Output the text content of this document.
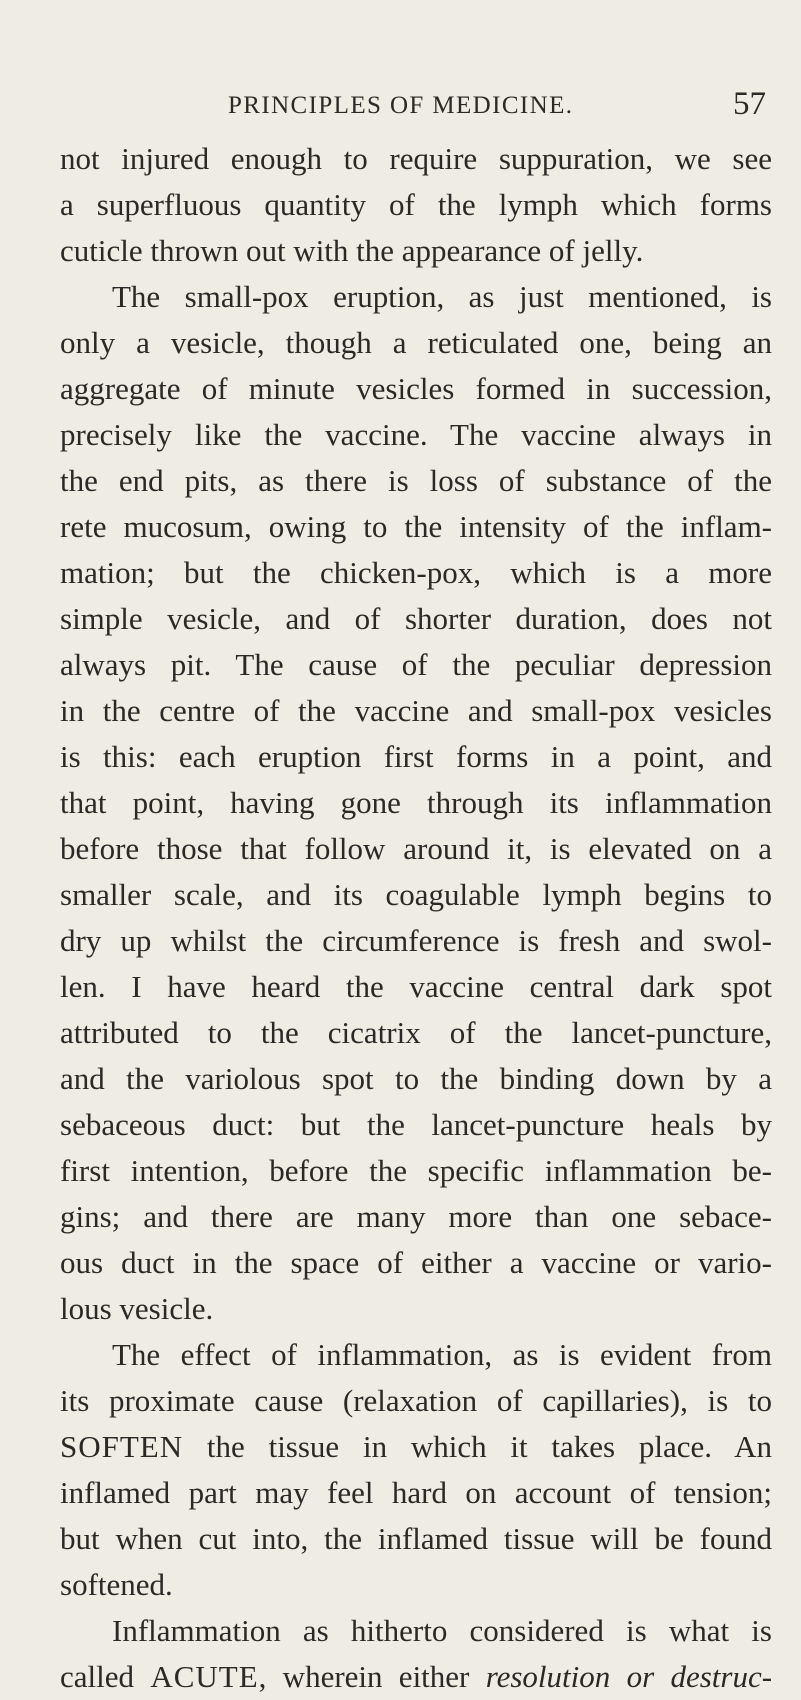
PRINCIPLES OF MEDICINE.	57
not injured enough to require suppuration, we see
a superfluous quantity of the lymph which forms
cuticle thrown out with the appearance of jelly.
The small-pox eruption, as just mentioned, is
only a vesicle, though a reticulated one, being an
aggregate of minute vesicles formed in succession,
precisely like the vaccine. The vaccine always in
the end pits, as there is loss of substance of the
rete mucosum, owing to the intensity of the inflam-
mation; but the chicken-pox, which is a more
simple vesicle, and of shorter duration, does not
always pit. The cause of the peculiar depression
in the centre of the vaccine and small-pox vesicles
is this: each eruption first forms in a point, and
that point, having gone through its inflammation
before those that follow around it, is elevated on a
smaller scale, and its coagulable lymph begins to
dry up whilst the circumference is fresh and swol-
len. I have heard the vaccine central dark spot
attributed to the cicatrix of the lancet-puncture,
and the variolous spot to the binding down by a
sebaceous duct: but the lancet-puncture heals by
first intention, before the specific inflammation be-
gins; and there are many more than one sebace-
ous duct in the space of either a vaccine or vario-
lous vesicle.
The effect of inflammation, as is evident from
its proximate cause (relaxation of capillaries), is to
SOFTEN the tissue in which it takes place. An
inflamed part may feel hard on account of tension;
but when cut into, the inflamed tissue will be found
softened.
Inflammation as hitherto considered is what is
called ACUTE, wherein either resolution or destruc-
